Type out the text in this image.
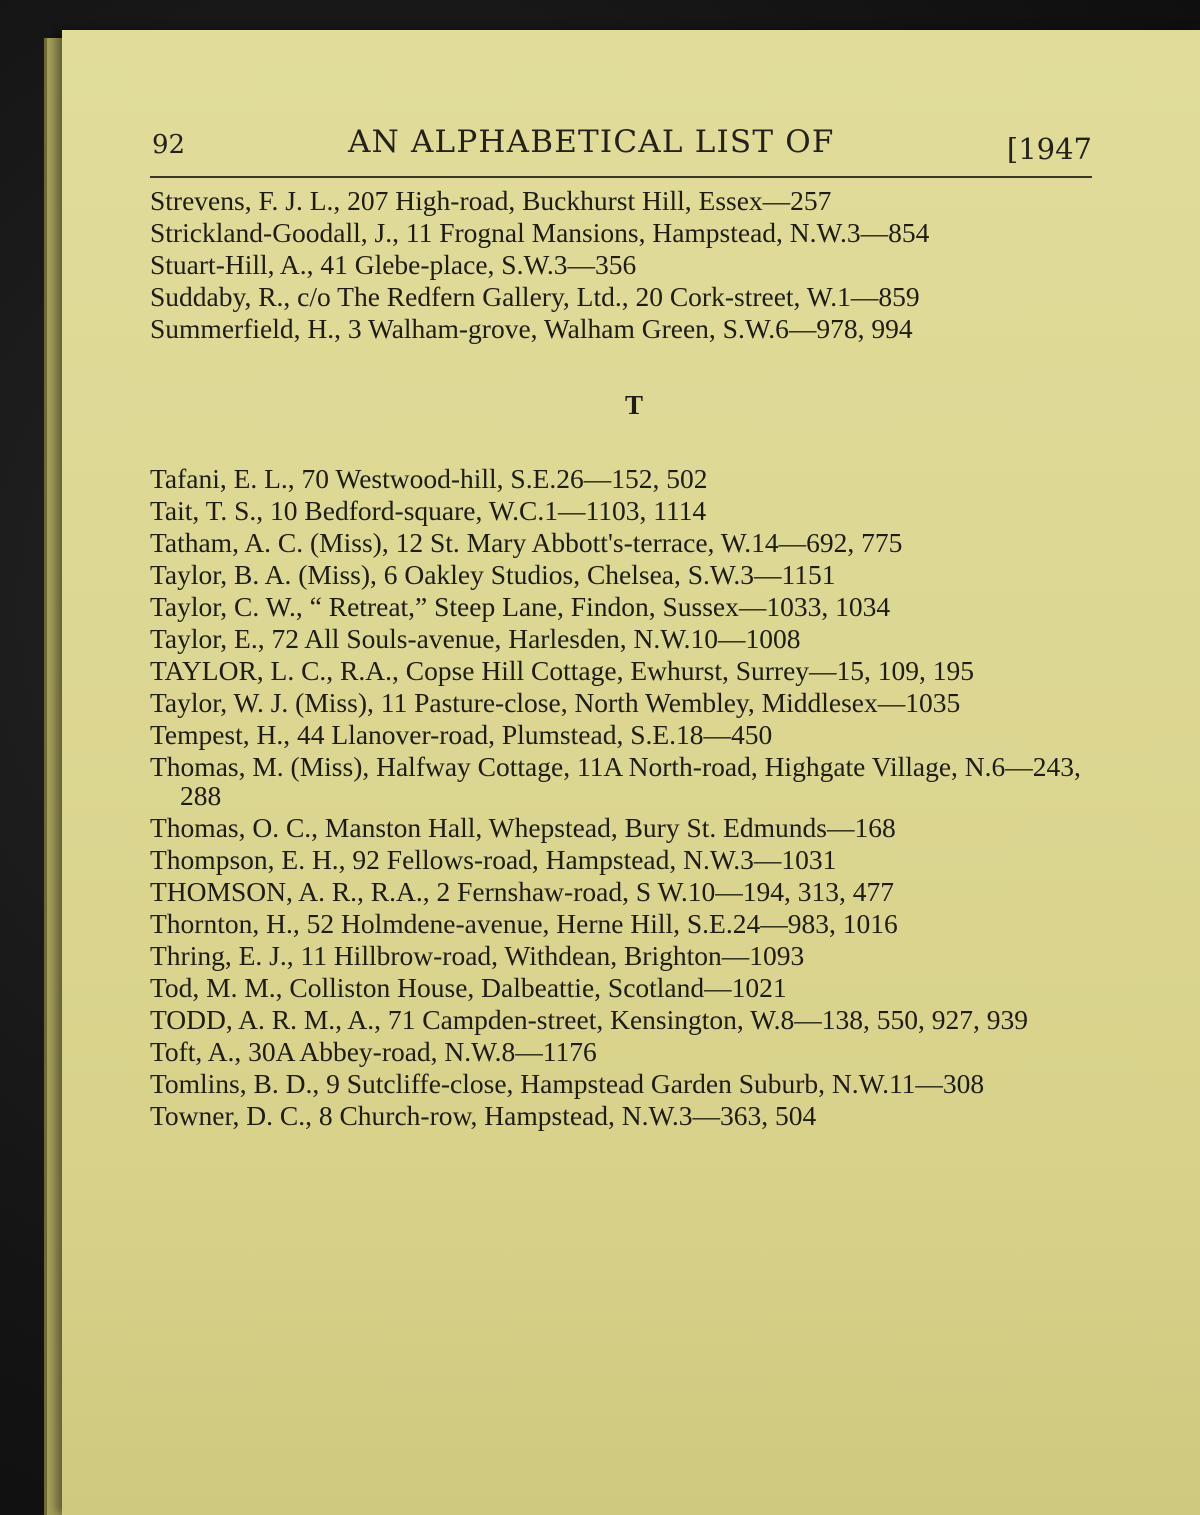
92	AN ALPHABETICAL LIST OF	[1947
Strevens, F. J. L., 207 High-road, Buckhurst Hill, Essex—257
Strickland-Goodall, J., 11 Frognal Mansions, Hampstead, N.W.3—854
Stuart-Hill, A., 41 Glebe-place, S.W.3—356
Suddaby, R., c/o The Redfern Gallery, Ltd., 20 Cork-street, W.1—859
Summerfield, H., 3 Walham-grove, Walham Green, S.W.6—978, 994
T
Tafani, E. L., 70 Westwood-hill, S.E.26—152, 502
Tait, T. S., 10 Bedford-square, W.C.1—1103, 1114
Tatham, A. C. (Miss), 12 St. Mary Abbott's-terrace, W.14—692, 775
Taylor, B. A. (Miss), 6 Oakley Studios, Chelsea, S.W.3—1151
Taylor, C. W., “ Retreat,” Steep Lane, Findon, Sussex—1033, 1034
Taylor, E., 72 All Souls-avenue, Harlesden, N.W.10—1008
TAYLOR, L. C., R.A., Copse Hill Cottage, Ewhurst, Surrey—15, 109, 195
Taylor, W. J. (Miss), 11 Pasture-close, North Wembley, Middlesex—1035
Tempest, H., 44 Llanover-road, Plumstead, S.E.18—450
Thomas, M. (Miss), Halfway Cottage, 11A North-road, Highgate Village, N.6—243, 288
Thomas, O. C., Manston Hall, Whepstead, Bury St. Edmunds—168
Thompson, E. H., 92 Fellows-road, Hampstead, N.W.3—1031
THOMSON, A. R., R.A., 2 Fernshaw-road, S W.10—194, 313, 477
Thornton, H., 52 Holmdene-avenue, Herne Hill, S.E.24—983, 1016
Thring, E. J., 11 Hillbrow-road, Withdean, Brighton—1093
Tod, M. M., Colliston House, Dalbeattie, Scotland—1021
TODD, A. R. M., A., 71 Campden-street, Kensington, W.8—138, 550, 927, 939
Toft, A., 30A Abbey-road, N.W.8—1176
Tomlins, B. D., 9 Sutcliffe-close, Hampstead Garden Suburb, N.W.11—308
Towner, D. C., 8 Church-row, Hampstead, N.W.3—363, 504
